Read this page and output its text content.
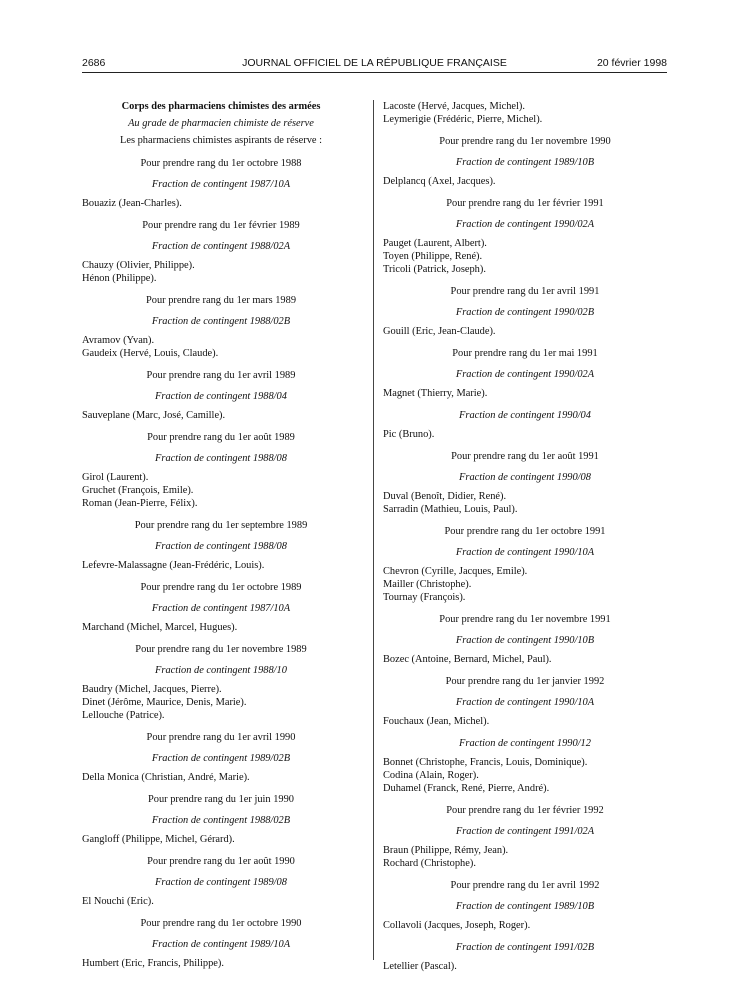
2686	JOURNAL OFFICIEL DE LA RÉPUBLIQUE FRANÇAISE	20 février 1998
Corps des pharmaciens chimistes des armées
Au grade de pharmacien chimiste de réserve
Les pharmaciens chimistes aspirants de réserve :
Pour prendre rang du 1er octobre 1988
Fraction de contingent 1987/10A
Bouaziz (Jean-Charles).
Pour prendre rang du 1er février 1989
Fraction de contingent 1988/02A
Chauzy (Olivier, Philippe).
Hénon (Philippe).
Pour prendre rang du 1er mars 1989
Fraction de contingent 1988/02B
Avramov (Yvan).
Gaudeix (Hervé, Louis, Claude).
Pour prendre rang du 1er avril 1989
Fraction de contingent 1988/04
Sauveplane (Marc, José, Camille).
Pour prendre rang du 1er août 1989
Fraction de contingent 1988/08
Girol (Laurent).
Gruchet (François, Emile).
Roman (Jean-Pierre, Félix).
Pour prendre rang du 1er septembre 1989
Fraction de contingent 1988/08
Lefevre-Malassagne (Jean-Frédéric, Louis).
Pour prendre rang du 1er octobre 1989
Fraction de contingent 1987/10A
Marchand (Michel, Marcel, Hugues).
Pour prendre rang du 1er novembre 1989
Fraction de contingent 1988/10
Baudry (Michel, Jacques, Pierre).
Dinet (Jérôme, Maurice, Denis, Marie).
Lellouche (Patrice).
Pour prendre rang du 1er avril 1990
Fraction de contingent 1989/02B
Della Monica (Christian, André, Marie).
Pour prendre rang du 1er juin 1990
Fraction de contingent 1988/02B
Gangloff (Philippe, Michel, Gérard).
Pour prendre rang du 1er août 1990
Fraction de contingent 1989/08
El Nouchi (Eric).
Pour prendre rang du 1er octobre 1990
Fraction de contingent 1989/10A
Humbert (Eric, Francis, Philippe).
Lacoste (Hervé, Jacques, Michel).
Leymerigie (Frédéric, Pierre, Michel).
Pour prendre rang du 1er novembre 1990
Fraction de contingent 1989/10B
Delplancq (Axel, Jacques).
Pour prendre rang du 1er février 1991
Fraction de contingent 1990/02A
Pauget (Laurent, Albert).
Toyen (Philippe, René).
Tricoli (Patrick, Joseph).
Pour prendre rang du 1er avril 1991
Fraction de contingent 1990/02B
Gouill (Eric, Jean-Claude).
Pour prendre rang du 1er mai 1991
Fraction de contingent 1990/02A
Magnet (Thierry, Marie).
Fraction de contingent 1990/04
Pic (Bruno).
Pour prendre rang du 1er août 1991
Fraction de contingent 1990/08
Duval (Benoît, Didier, René).
Sarradin (Mathieu, Louis, Paul).
Pour prendre rang du 1er octobre 1991
Fraction de contingent 1990/10A
Chevron (Cyrille, Jacques, Emile).
Mailler (Christophe).
Tournay (François).
Pour prendre rang du 1er novembre 1991
Fraction de contingent 1990/10B
Bozec (Antoine, Bernard, Michel, Paul).
Pour prendre rang du 1er janvier 1992
Fraction de contingent 1990/10A
Fouchaux (Jean, Michel).
Fraction de contingent 1990/12
Bonnet (Christophe, Francis, Louis, Dominique).
Codina (Alain, Roger).
Duhamel (Franck, René, Pierre, André).
Pour prendre rang du 1er février 1992
Fraction de contingent 1991/02A
Braun (Philippe, Rémy, Jean).
Rochard (Christophe).
Pour prendre rang du 1er avril 1992
Fraction de contingent 1989/10B
Collavoli (Jacques, Joseph, Roger).
Fraction de contingent 1991/02B
Letellier (Pascal).
